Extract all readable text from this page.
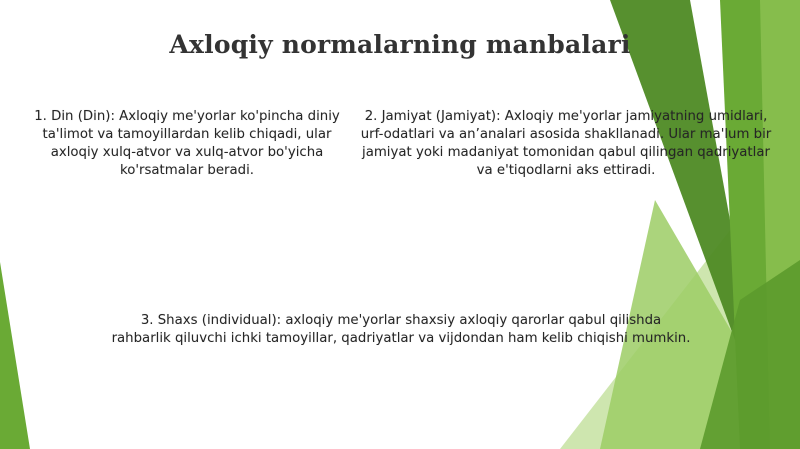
Axloqiy normalarning manbalari
1. Din (Din): Axloqiy me'yorlar ko'pincha diniy ta'limot va tamoyillardan kelib chiqadi, ular axloqiy xulq-atvor va xulq-atvor bo'yicha ko'rsatmalar beradi.
2. Jamiyat (Jamiyat): Axloqiy me'yorlar jamiyatning umidlari, urf-odatlari va an’analari asosida shakllanadi. Ular ma'lum bir jamiyat yoki madaniyat tomonidan qabul qilingan qadriyatlar va e'tiqodlarni aks ettiradi.
3. Shaxs (individual): axloqiy me'yorlar shaxsiy axloqiy qarorlar qabul qilishda rahbarlik qiluvchi ichki tamoyillar, qadriyatlar va vijdondan ham kelib chiqishi mumkin.
